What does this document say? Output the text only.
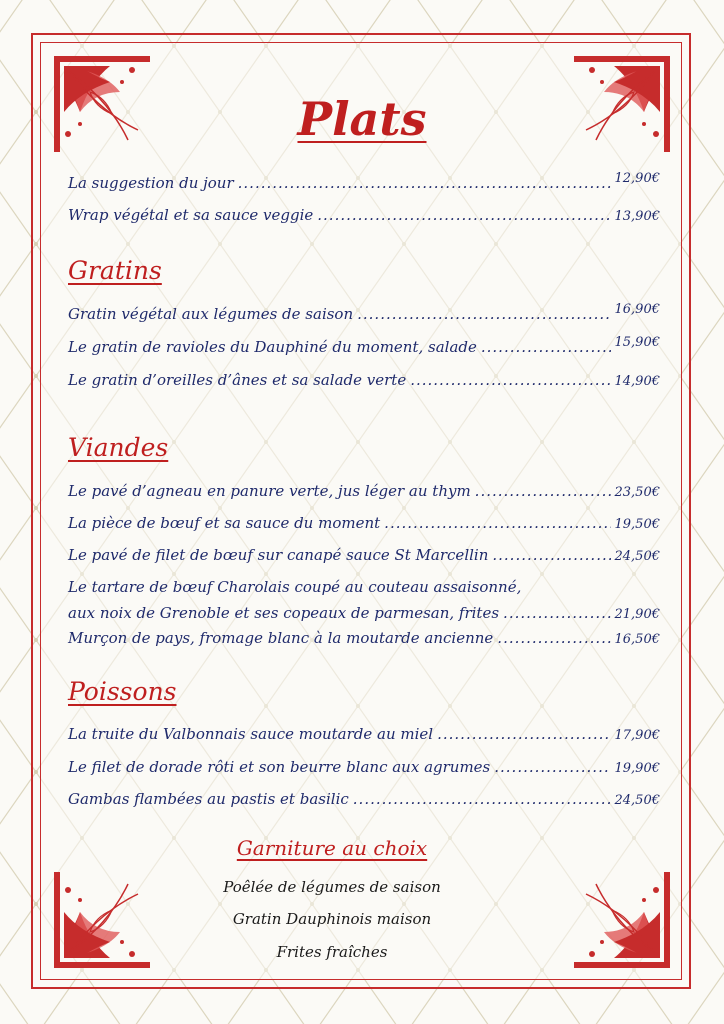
Plats
La suggestion du jour .....	12,90€
Wrap végétal et sa sauce veggie .....	13,90€
Gratins
Gratin végétal aux légumes de saison .....	16,90€
Le gratin de ravioles du Dauphiné du moment, salade .....	15,90€
Le gratin d’oreilles d’ânes et sa salade verte .....	14,90€
Viandes
Le pavé d’agneau en panure verte, jus léger au thym .....	23,50€
La pièce de bœuf et sa sauce du moment .....	19,50€
Le pavé de filet de bœuf sur canapé sauce St Marcellin .....	24,50€
Le tartare de bœuf Charolais coupé au couteau assaisonné,
aux noix de Grenoble et ses copeaux de parmesan, frites .....	21,90€
Murçon de pays, fromage blanc à la moutarde ancienne .....	16,50€
Poissons
La truite du Valbonnais sauce moutarde au miel .....	17,90€
Le filet de dorade rôti et son beurre blanc aux agrumes .....	19,90€
Gambas flambées au pastis et basilic .....	24,50€
Garniture au choix
Poêlée de légumes de saison
Gratin Dauphinois maison
Frites fraîches
